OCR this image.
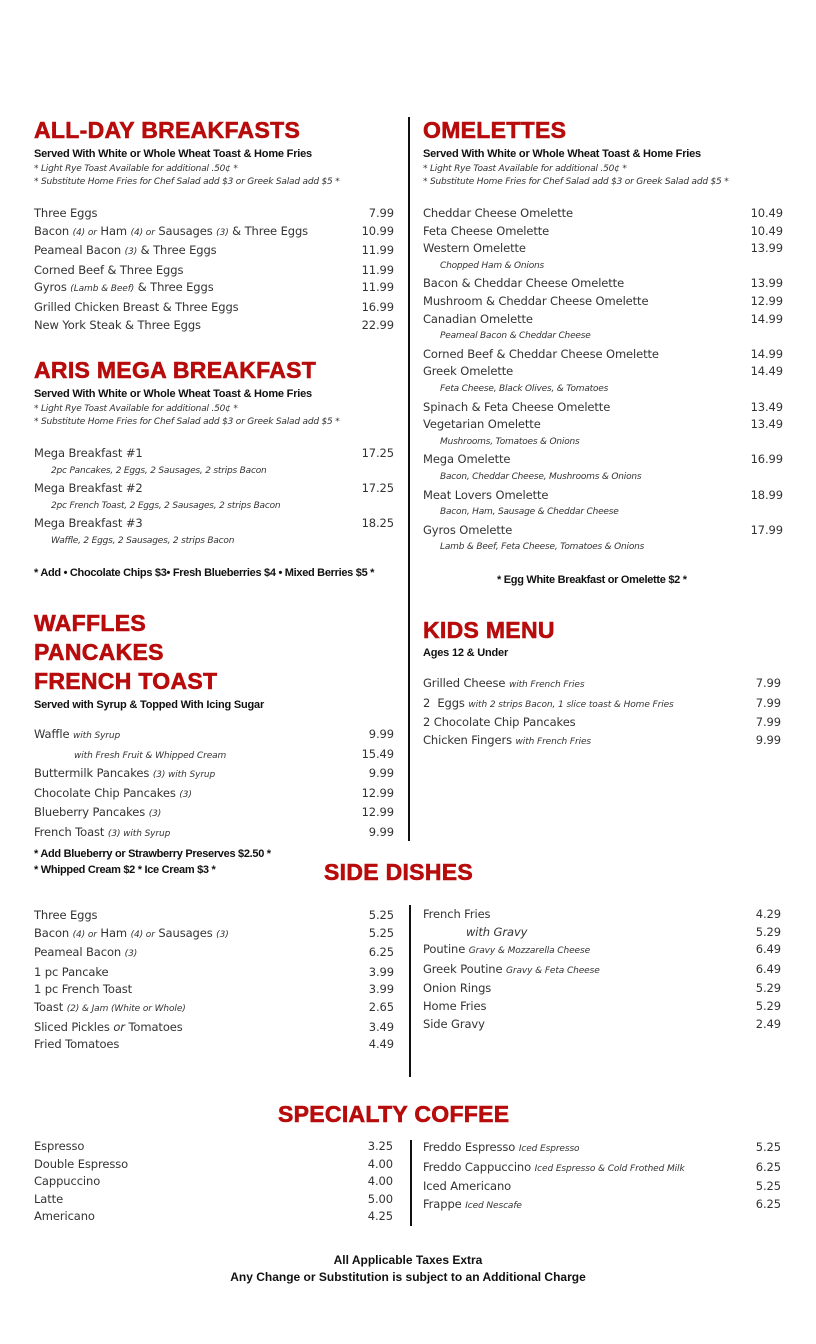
ALL-DAY BREAKFASTS
Served With White or Whole Wheat Toast & Home Fries
* Light Rye Toast Available for additional .50¢ *
* Substitute Home Fries for Chef Salad add $3 or Greek Salad add $5 *
Three Eggs	7.99
Bacon (4) or Ham (4) or Sausages (3) & Three Eggs	10.99
Peameal Bacon (3) & Three Eggs	11.99
Corned Beef & Three Eggs	11.99
Gyros (Lamb & Beef) & Three Eggs	11.99
Grilled Chicken Breast & Three Eggs	16.99
New York Steak & Three Eggs	22.99
ARIS MEGA BREAKFAST
Served With White or Whole Wheat Toast & Home Fries
* Light Rye Toast Available for additional .50¢ *
* Substitute Home Fries for Chef Salad add $3 or Greek Salad add $5 *
Mega Breakfast #1	17.25
2pc Pancakes, 2 Eggs, 2 Sausages, 2 strips Bacon
Mega Breakfast #2	17.25
2pc French Toast, 2 Eggs, 2 Sausages, 2 strips Bacon
Mega Breakfast #3	18.25
Waffle, 2 Eggs, 2 Sausages, 2 strips Bacon
* Add • Chocolate Chips $3• Fresh Blueberries $4 • Mixed Berries $5 *
WAFFLES
PANCAKES
FRENCH TOAST
Served with Syrup & Topped With Icing Sugar
Waffle with Syrup	9.99
with Fresh Fruit & Whipped Cream	15.49
Buttermilk Pancakes (3) with Syrup	9.99
Chocolate Chip Pancakes (3)	12.99
Blueberry Pancakes (3)	12.99
French Toast (3) with Syrup	9.99
* Add Blueberry or Strawberry Preserves $2.50 *
* Whipped Cream $2 * Ice Cream $3 *
OMELETTES
Served With White or Whole Wheat Toast & Home Fries
* Light Rye Toast Available for additional .50¢ *
* Substitute Home Fries for Chef Salad add $3 or Greek Salad add $5 *
Cheddar Cheese Omelette	10.49
Feta Cheese Omelette	10.49
Western Omelette	13.99
Chopped Ham & Onions
Bacon & Cheddar Cheese Omelette	13.99
Mushroom & Cheddar Cheese Omelette	12.99
Canadian Omelette	14.99
Peameal Bacon & Cheddar Cheese
Corned Beef & Cheddar Cheese Omelette	14.99
Greek Omelette	14.49
Feta Cheese, Black Olives, & Tomatoes
Spinach & Feta Cheese Omelette	13.49
Vegetarian Omelette	13.49
Mushrooms, Tomatoes & Onions
Mega Omelette	16.99
Bacon, Cheddar Cheese, Mushrooms & Onions
Meat Lovers Omelette	18.99
Bacon, Ham, Sausage & Cheddar Cheese
Gyros Omelette	17.99
Lamb & Beef, Feta Cheese, Tomatoes & Onions
* Egg White Breakfast or Omelette $2 *
KIDS MENU
Ages 12 & Under
Grilled Cheese with French Fries	7.99
2  Eggs with 2 strips Bacon, 1 slice toast & Home Fries	7.99
2 Chocolate Chip Pancakes	7.99
Chicken Fingers with French Fries	9.99
SIDE DISHES
Three Eggs	5.25
Bacon (4) or Ham (4) or Sausages (3)	5.25
Peameal Bacon (3)	6.25
1 pc Pancake	3.99
1 pc French Toast	3.99
Toast (2) & Jam (White or Whole)	2.65
Sliced Pickles or Tomatoes	3.49
Fried Tomatoes	4.49
French Fries	4.29
with Gravy	5.29
Poutine Gravy & Mozzarella Cheese	6.49
Greek Poutine Gravy & Feta Cheese	6.49
Onion Rings	5.29
Home Fries	5.29
Side Gravy	2.49
SPECIALTY COFFEE
Espresso	3.25
Double Espresso	4.00
Cappuccino	4.00
Latte	5.00
Americano	4.25
Freddo Espresso Iced Espresso	5.25
Freddo Cappuccino Iced Espresso & Cold Frothed Milk	6.25
Iced Americano	5.25
Frappe Iced Nescafe	6.25
All Applicable Taxes Extra
Any Change or Substitution is subject to an Additional Charge
